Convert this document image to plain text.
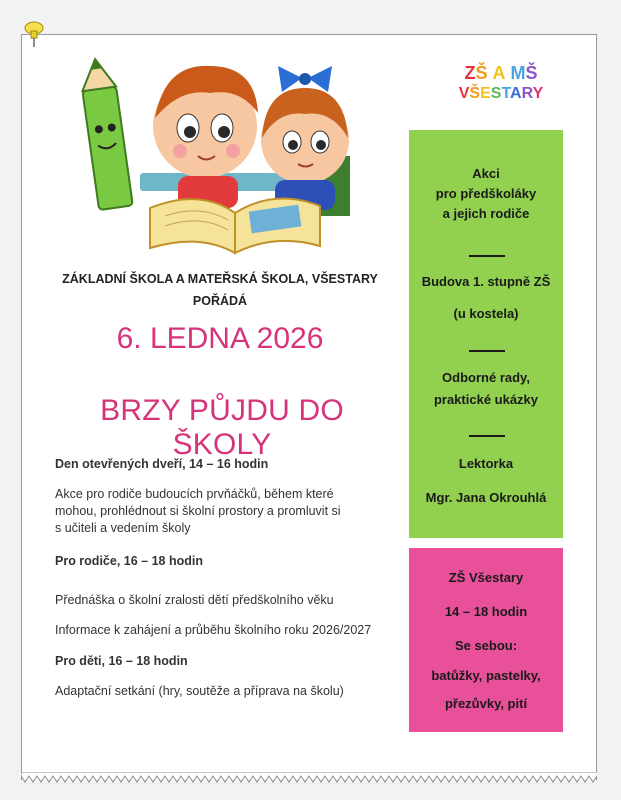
ZŠ A MŠ
VŠESTARY
ZÁKLADNÍ ŠKOLA A MATEŘSKÁ ŠKOLA, VŠESTARY
POŘÁDÁ
6. LEDNA 2026
BRZY PŮJDU DO ŠKOLY
Den otevřených dveří, 14 – 16 hodin
Akce pro rodiče budoucích prvňáčků, během které
mohou, prohlédnout si školní prostory a promluvit si
s učiteli a vedením školy
Pro rodiče, 16 – 18 hodin
Přednáška o školní zralosti dětí předškolního věku
Informace k zahájení a průběhu školního roku 2026/2027
Pro děti, 16 – 18 hodin
Adaptační setkání (hry, soutěže a příprava na školu)
Akci
pro předškoláky
a jejich rodiče
Budova 1. stupně ZŠ
(u kostela)
Odborné rady,
praktické ukázky
Lektorka
Mgr. Jana Okrouhlá
ZŠ Všestary
14 – 18 hodin
Se sebou:
batůžky, pastelky,
přezůvky, pití
